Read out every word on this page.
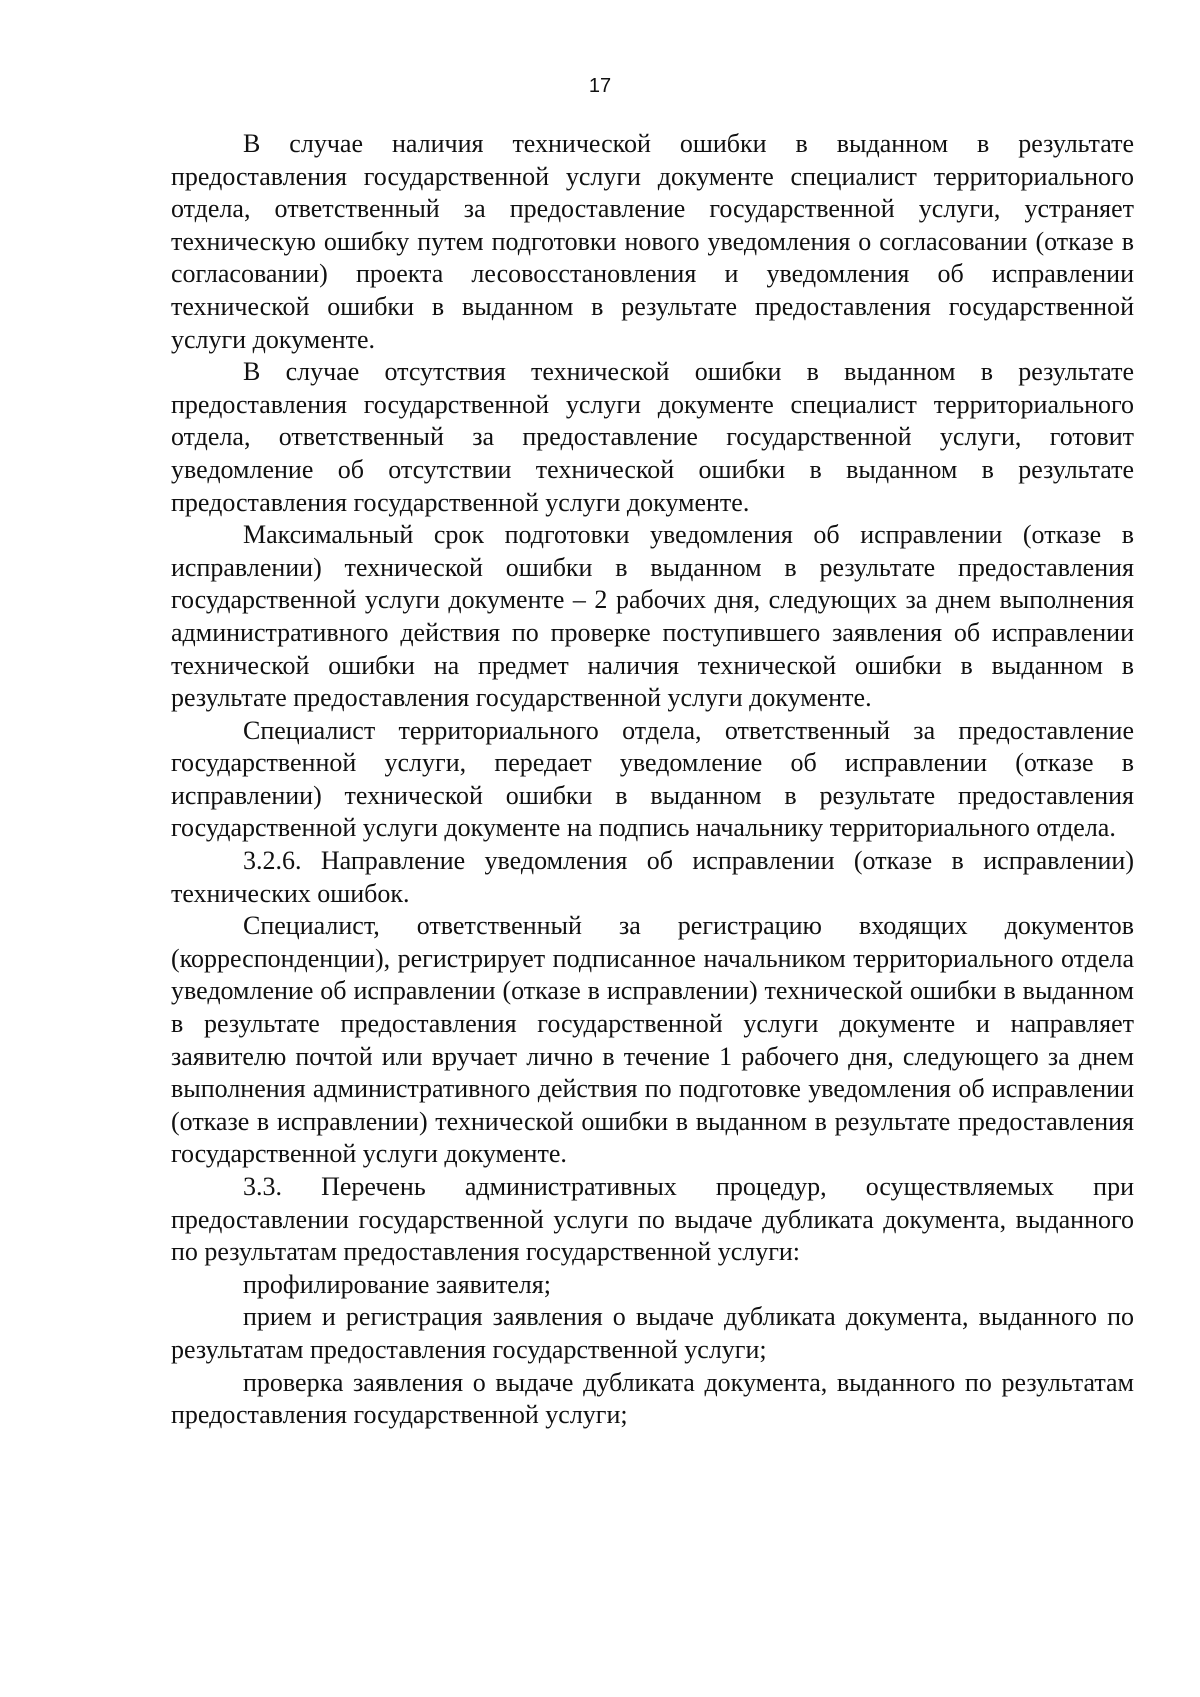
17

В случае наличия технической ошибки в выданном в результате предоставления государственной услуги документе специалист территориального отдела, ответственный за предоставление государственной услуги, устраняет техническую ошибку путем подготовки нового уведомления о согласовании (отказе в согласовании) проекта лесовосстановления и уведомления об исправлении технической ошибки в выданном в результате предоставления государственной услуги документе.

В случае отсутствия технической ошибки в выданном в результате предоставления государственной услуги документе специалист территориального отдела, ответственный за предоставление государственной услуги, готовит уведомление об отсутствии технической ошибки в выданном в результате предоставления государственной услуги документе.

Максимальный срок подготовки уведомления об исправлении (отказе в исправлении) технической ошибки в выданном в результате предоставления государственной услуги документе – 2 рабочих дня, следующих за днем выполнения административного действия по проверке поступившего заявления об исправлении технической ошибки на предмет наличия технической ошибки в выданном в результате предоставления государственной услуги документе.

Специалист территориального отдела, ответственный за предоставление государственной услуги, передает уведомление об исправлении (отказе в исправлении) технической ошибки в выданном в результате предоставления государственной услуги документе на подпись начальнику территориального отдела.

3.2.6. Направление уведомления об исправлении (отказе в исправлении) технических ошибок.

Специалист, ответственный за регистрацию входящих документов (корреспонденции), регистрирует подписанное начальником территориального отдела уведомление об исправлении (отказе в исправлении) технической ошибки в выданном в результате предоставления государственной услуги документе и направляет заявителю почтой или вручает лично в течение 1 рабочего дня, следующего за днем выполнения административного действия по подготовке уведомления об исправлении (отказе в исправлении) технической ошибки в выданном в результате предоставления государственной услуги документе.

3.3. Перечень административных процедур, осуществляемых при предоставлении государственной услуги по выдаче дубликата документа, выданного по результатам предоставления государственной услуги:

профилирование заявителя;

прием и регистрация заявления о выдаче дубликата документа, выданного по результатам предоставления государственной услуги;

проверка заявления о выдаче дубликата документа, выданного по результатам предоставления государственной услуги;
